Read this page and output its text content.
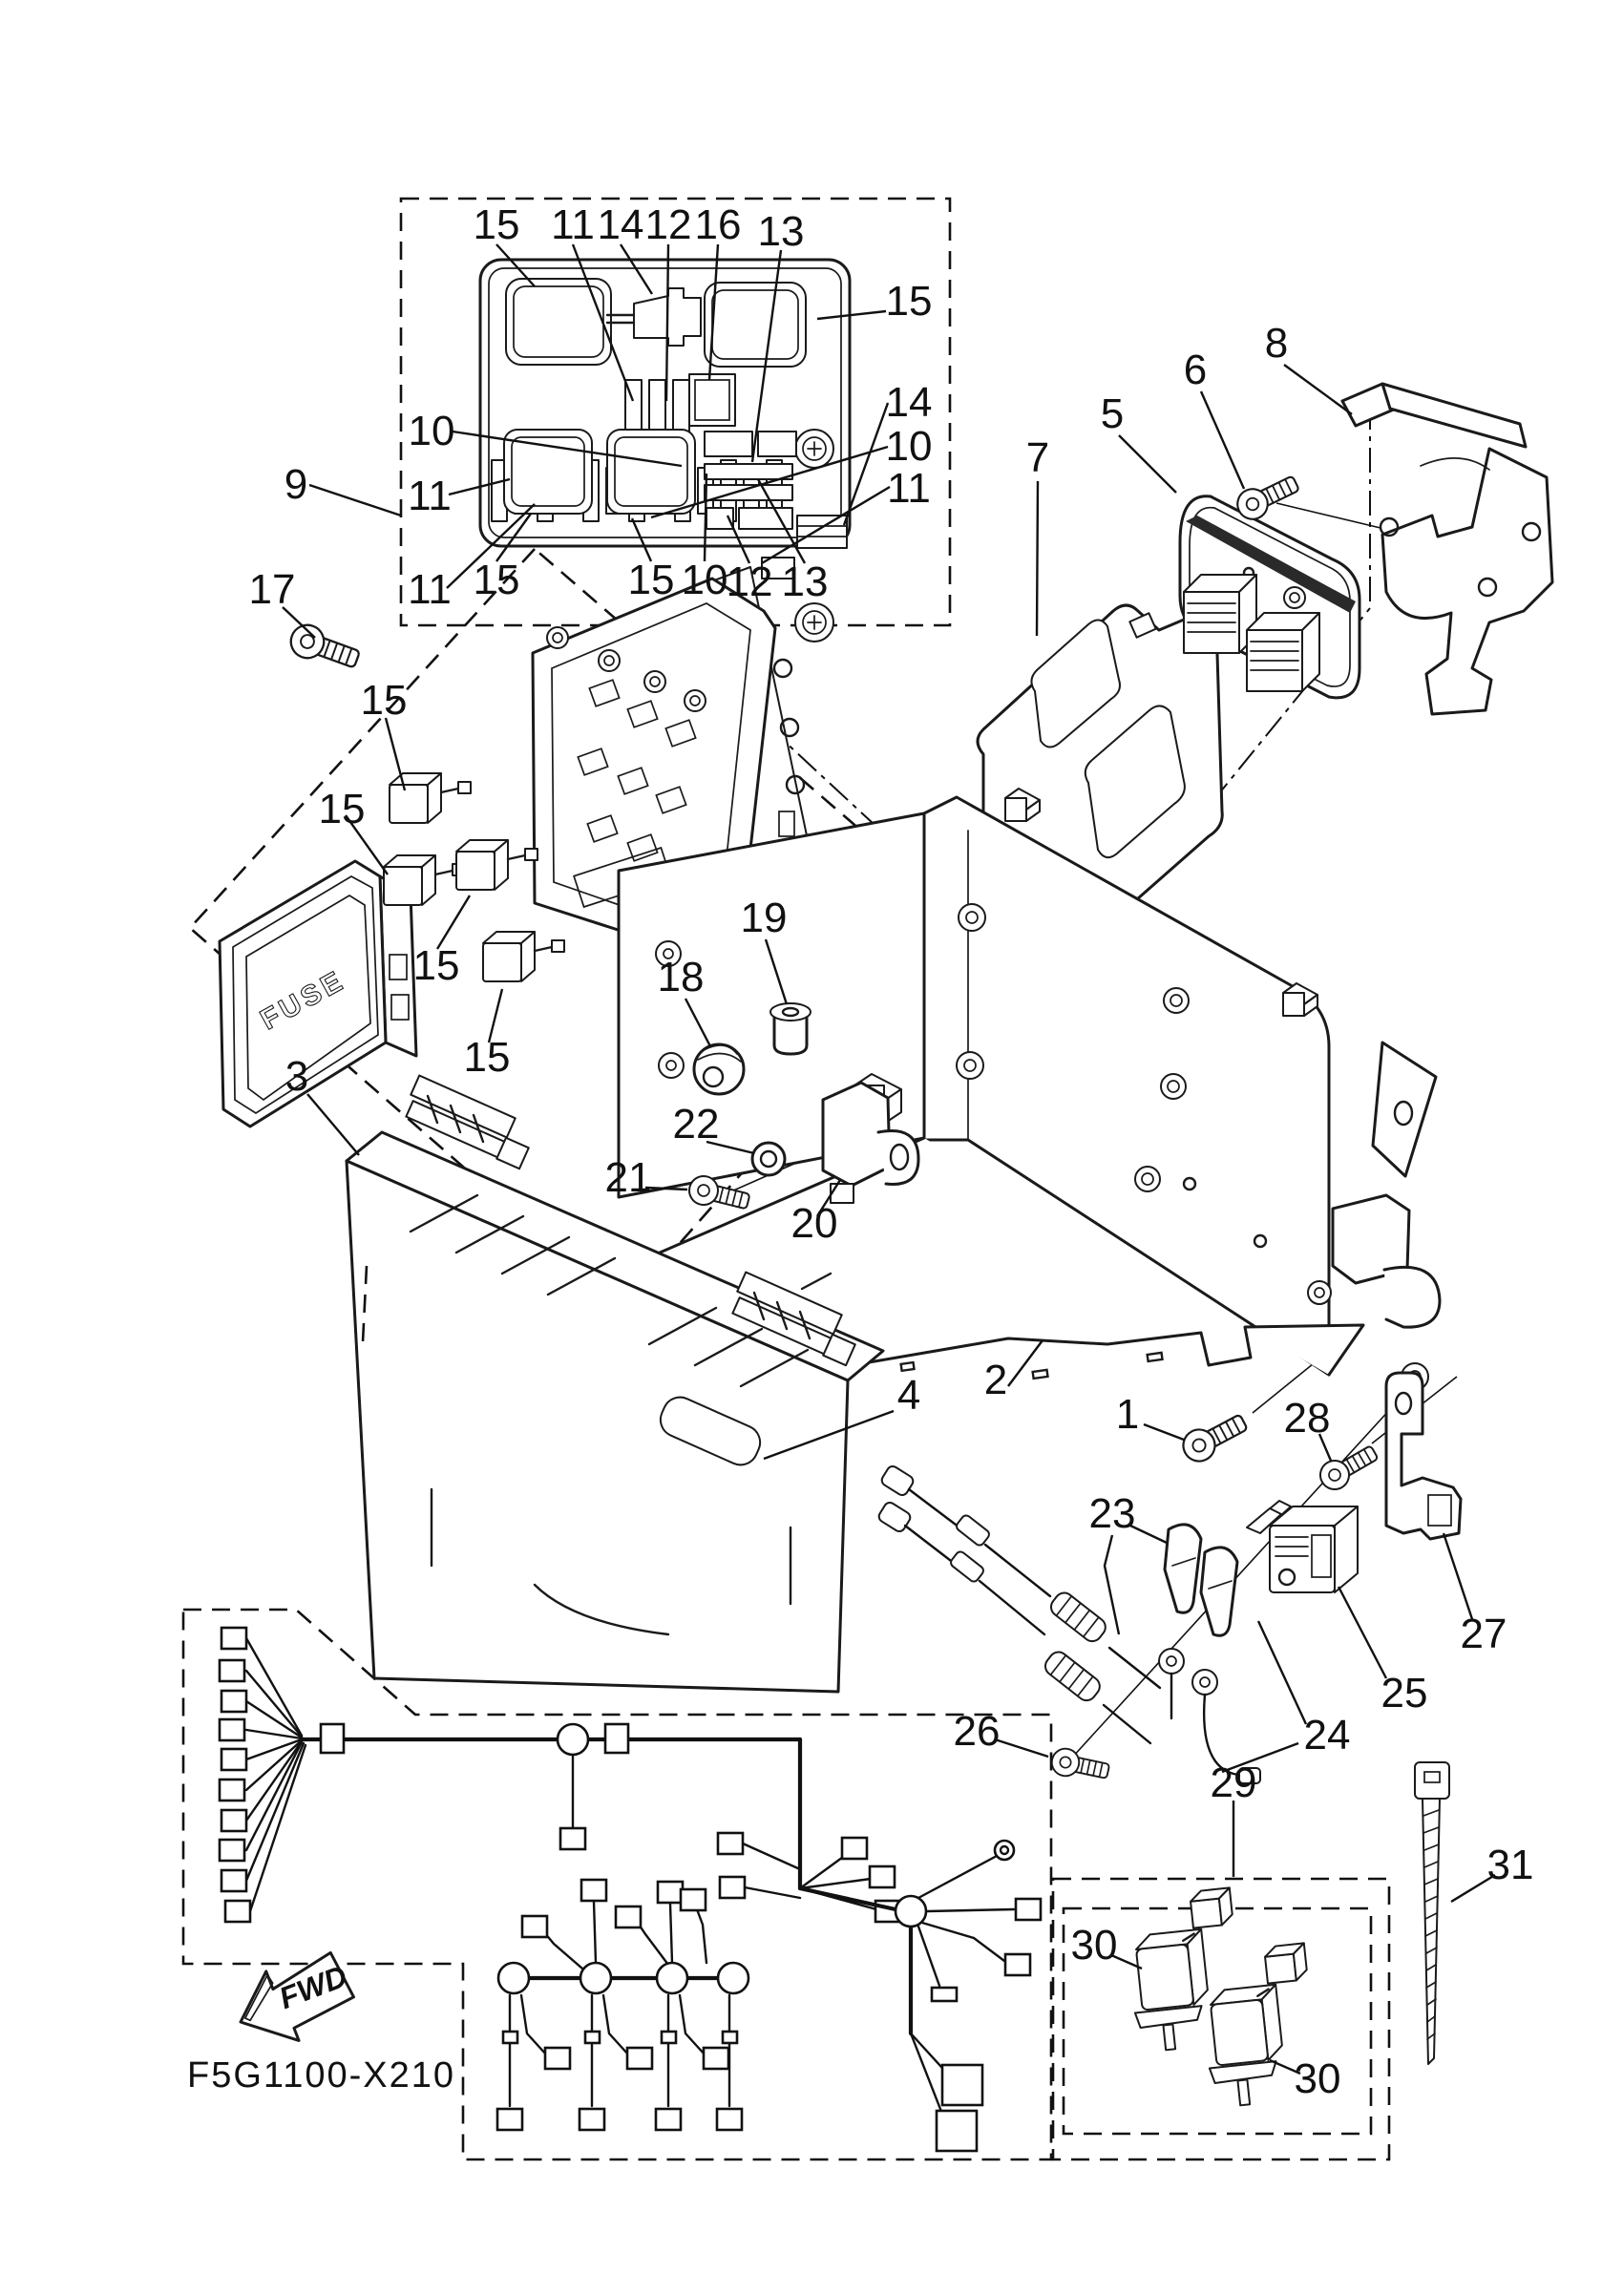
FUSE
FWD
F5G1100-X210
15 11 14 12 16 13
15
10
11
11
14
10
11
15	15 10
12 13
9
17
15
15
15
15
7
5
6
8
19
18
22
21
20
3
4 2
1	28
23
24
25
27
26
29
30
30
31
